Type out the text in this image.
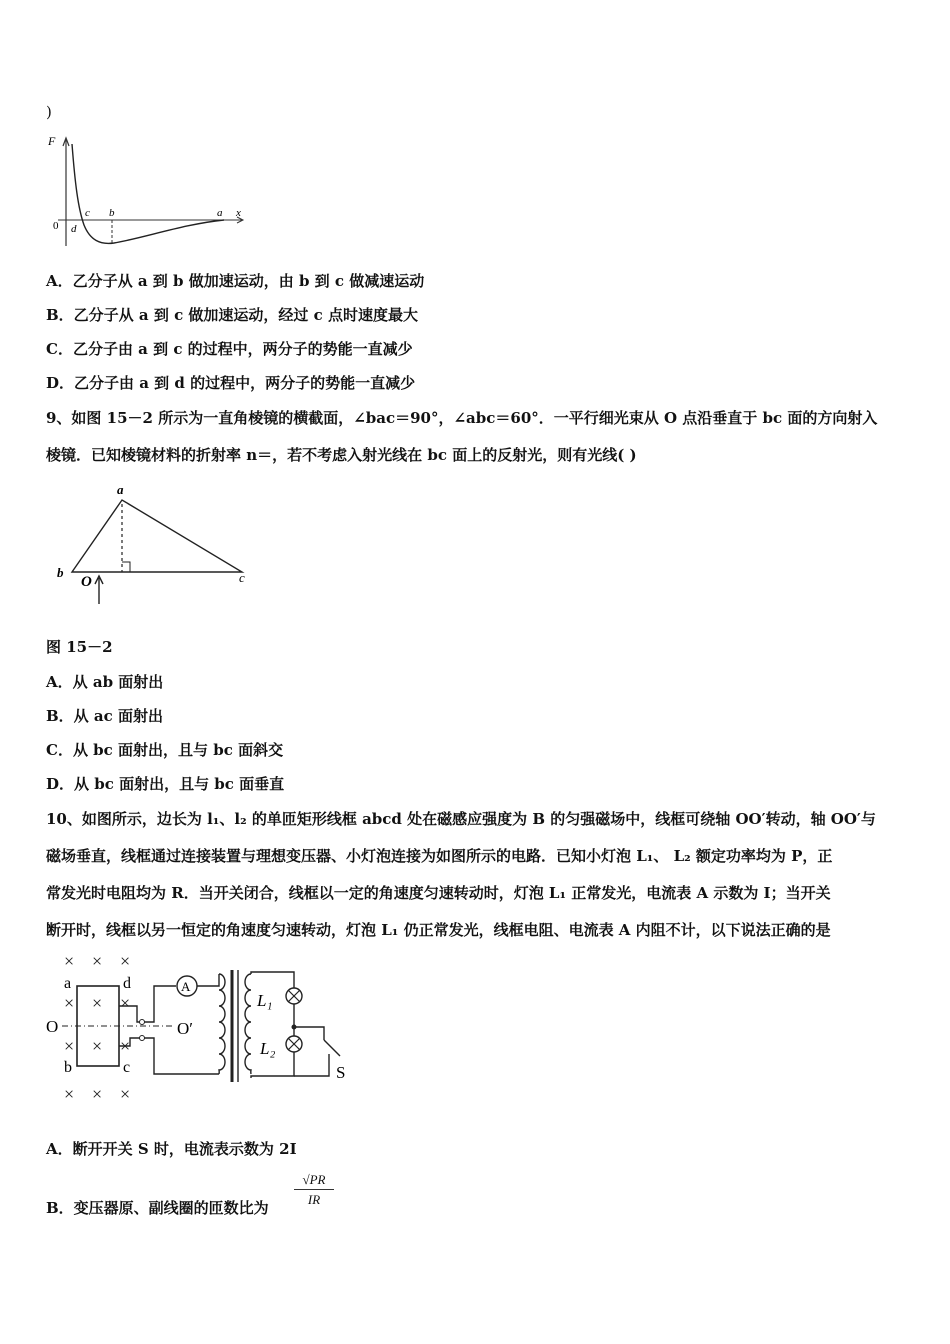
)
F
x
0
c
d
b	a
A．乙分子从 a 到 b 做加速运动，由 b 到 c 做减速运动
B．乙分子从 a 到 c 做加速运动，经过 c 点时速度最大
C．乙分子由 a 到 c 的过程中，两分子的势能一直减少
D．乙分子由 a 到 d 的过程中，两分子的势能一直减少
9、如图 15－2 所示为一直角棱镜的横截面，∠bac＝90°，∠abc＝60°．一平行细光束从 O 点沿垂直于 bc 面的方向射入
棱镜．已知棱镜材料的折射率 n＝，若不考虑入射光线在 bc 面上的反射光，则有光线( )
a
b	c
O
图 15－2
A．从 ab 面射出
B．从 ac 面射出
C．从 bc 面射出，且与 bc 面斜交
D．从 bc 面射出，且与 bc 面垂直
10、如图所示，边长为 l₁、l₂ 的单匝矩形线框 abcd 处在磁感应强度为 B 的匀强磁场中，线框可绕轴 OO′转动，轴 OO′与
磁场垂直，线框通过连接装置与理想变压器、小灯泡连接为如图所示的电路．已知小灯泡 L₁、 L₂ 额定功率均为 P，正
常发光时电阻均为 R．当开关闭合，线框以一定的角速度匀速转动时，灯泡 L₁ 正常发光，电流表 A 示数为 I；当开关
断开时，线框以另一恒定的角速度匀速转动，灯泡 L₁ 仍正常发光，线框电阻、电流表 A 内阻不计，以下说法正确的是
× × ×
× × ×
× × ×
× × ×
A
a	d
b	c
O	O′
L₁
L₂
S
A．断开开关 S 时，电流表示数为 2I
B．变压器原、副线圈的匝数比为 $\frac{√PR}{IR}$
